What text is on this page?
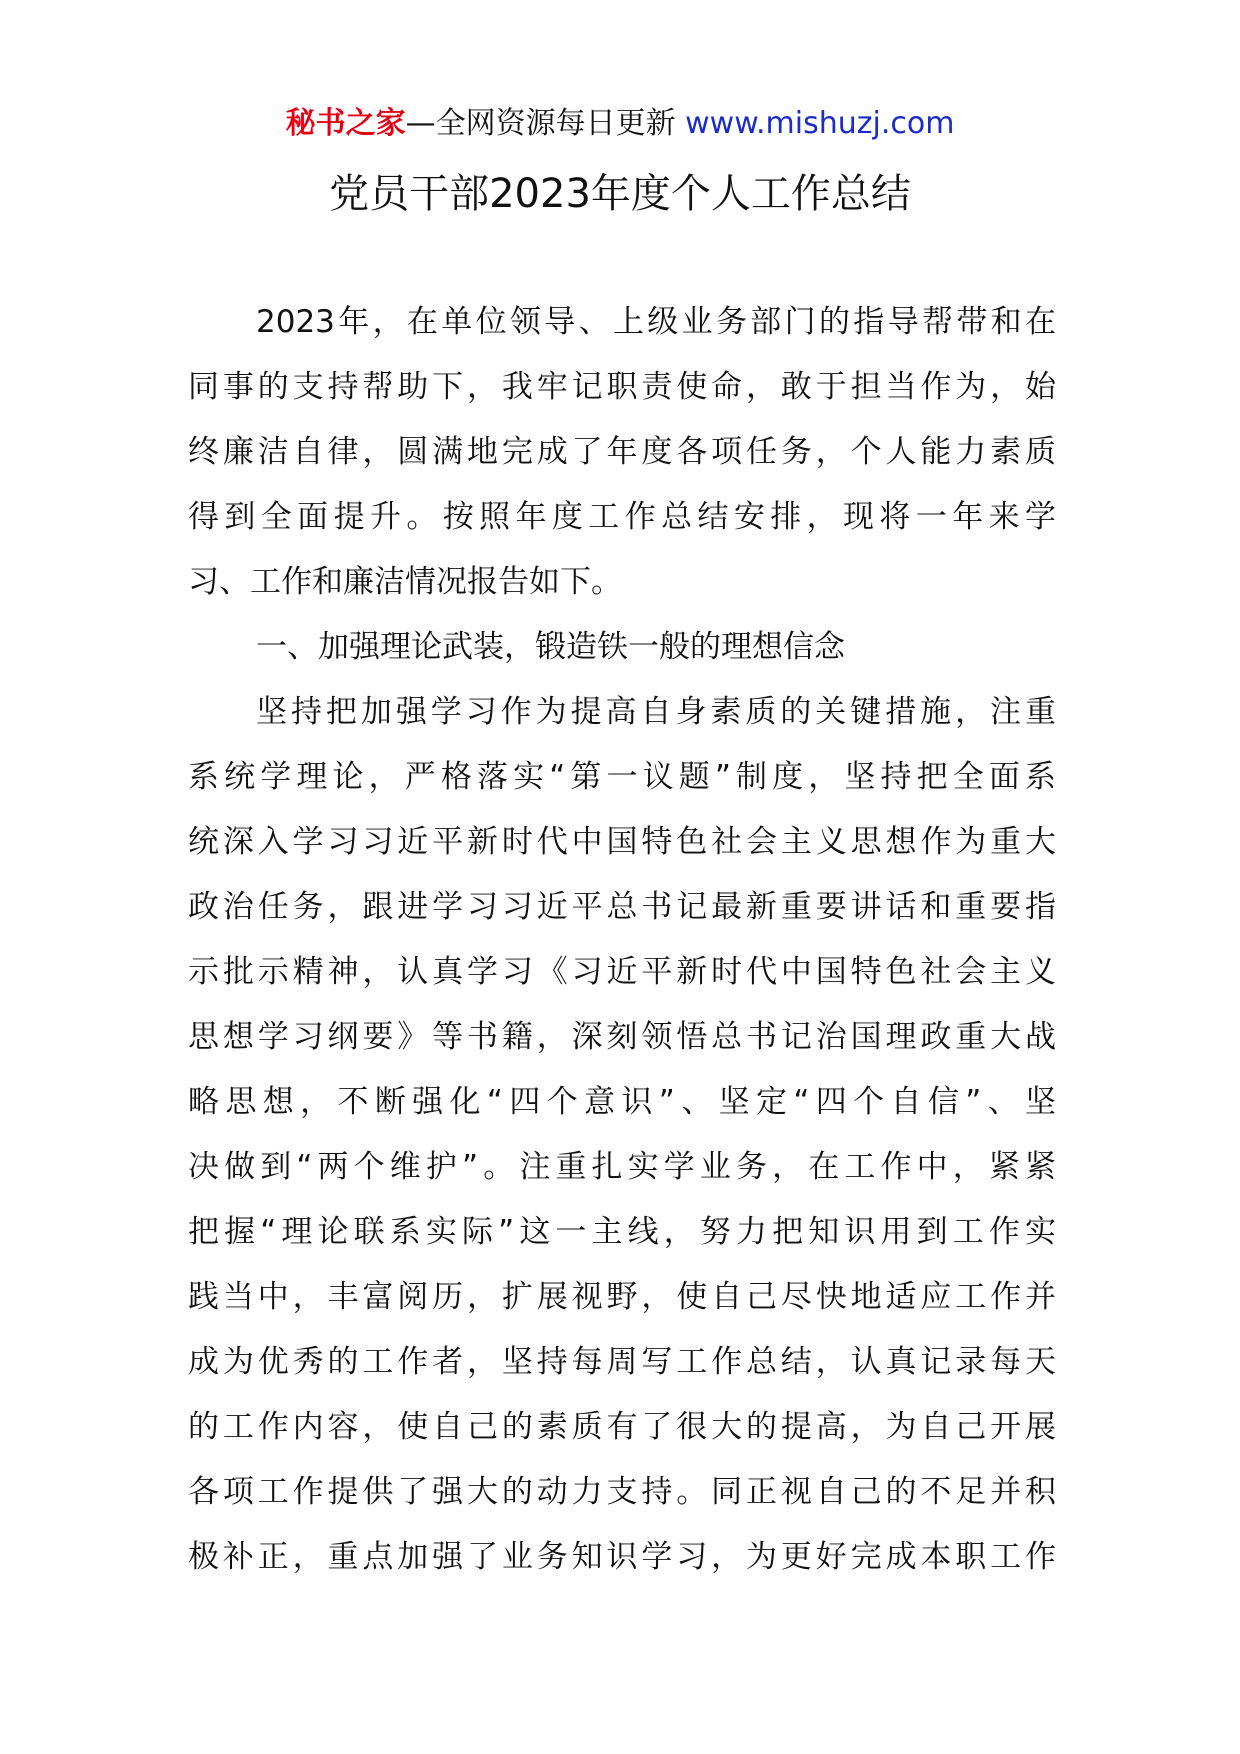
秘书之家—全网资源每日更新 www.mishuzj.com
党员干部2023年度个人工作总结
2023年，在单位领导、上级业务部门的指导帮带和在
同事的支持帮助下，我牢记职责使命，敢于担当作为，始
终廉洁自律，圆满地完成了年度各项任务，个人能力素质
得到全面提升。按照年度工作总结安排，现将一年来学
习、工作和廉洁情况报告如下。
一、加强理论武装，锻造铁一般的理想信念
坚持把加强学习作为提高自身素质的关键措施，注重
系统学理论，严格落实“第一议题”制度，坚持把全面系
统深入学习习近平新时代中国特色社会主义思想作为重大
政治任务，跟进学习习近平总书记最新重要讲话和重要指
示批示精神，认真学习《习近平新时代中国特色社会主义
思想学习纲要》等书籍，深刻领悟总书记治国理政重大战
略思想，不断强化“四个意识”、坚定“四个自信”、坚
决做到“两个维护”。注重扎实学业务，在工作中，紧紧
把握“理论联系实际”这一主线，努力把知识用到工作实
践当中，丰富阅历，扩展视野，使自己尽快地适应工作并
成为优秀的工作者，坚持每周写工作总结，认真记录每天
的工作内容，使自己的素质有了很大的提高，为自己开展
各项工作提供了强大的动力支持。同正视自己的不足并积
极补正，重点加强了业务知识学习，为更好完成本职工作
